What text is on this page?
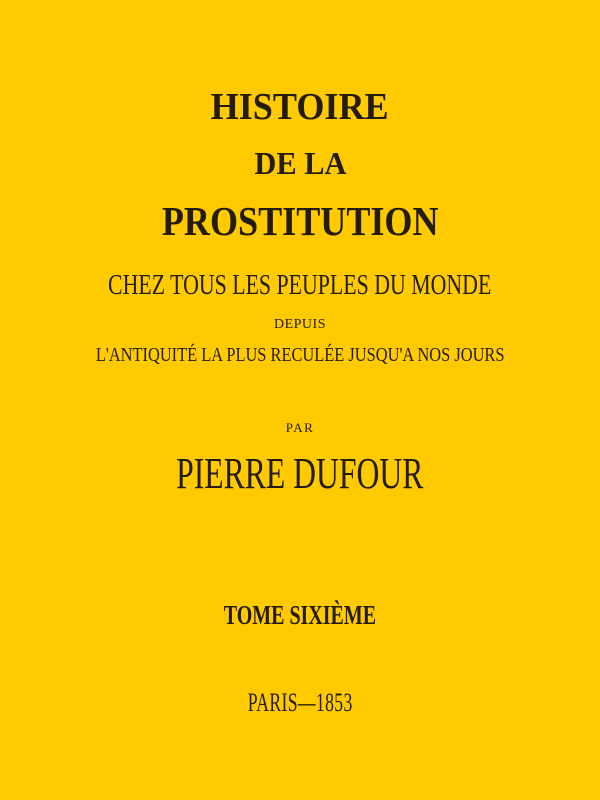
HISTOIRE
DE LA
PROSTITUTION
CHEZ TOUS LES PEUPLES DU MONDE
DEPUIS
L'ANTIQUITÉ LA PLUS RECULÉE JUSQU'A NOS JOURS
PAR
PIERRE DUFOUR
TOME SIXIÈME
PARIS—1853
